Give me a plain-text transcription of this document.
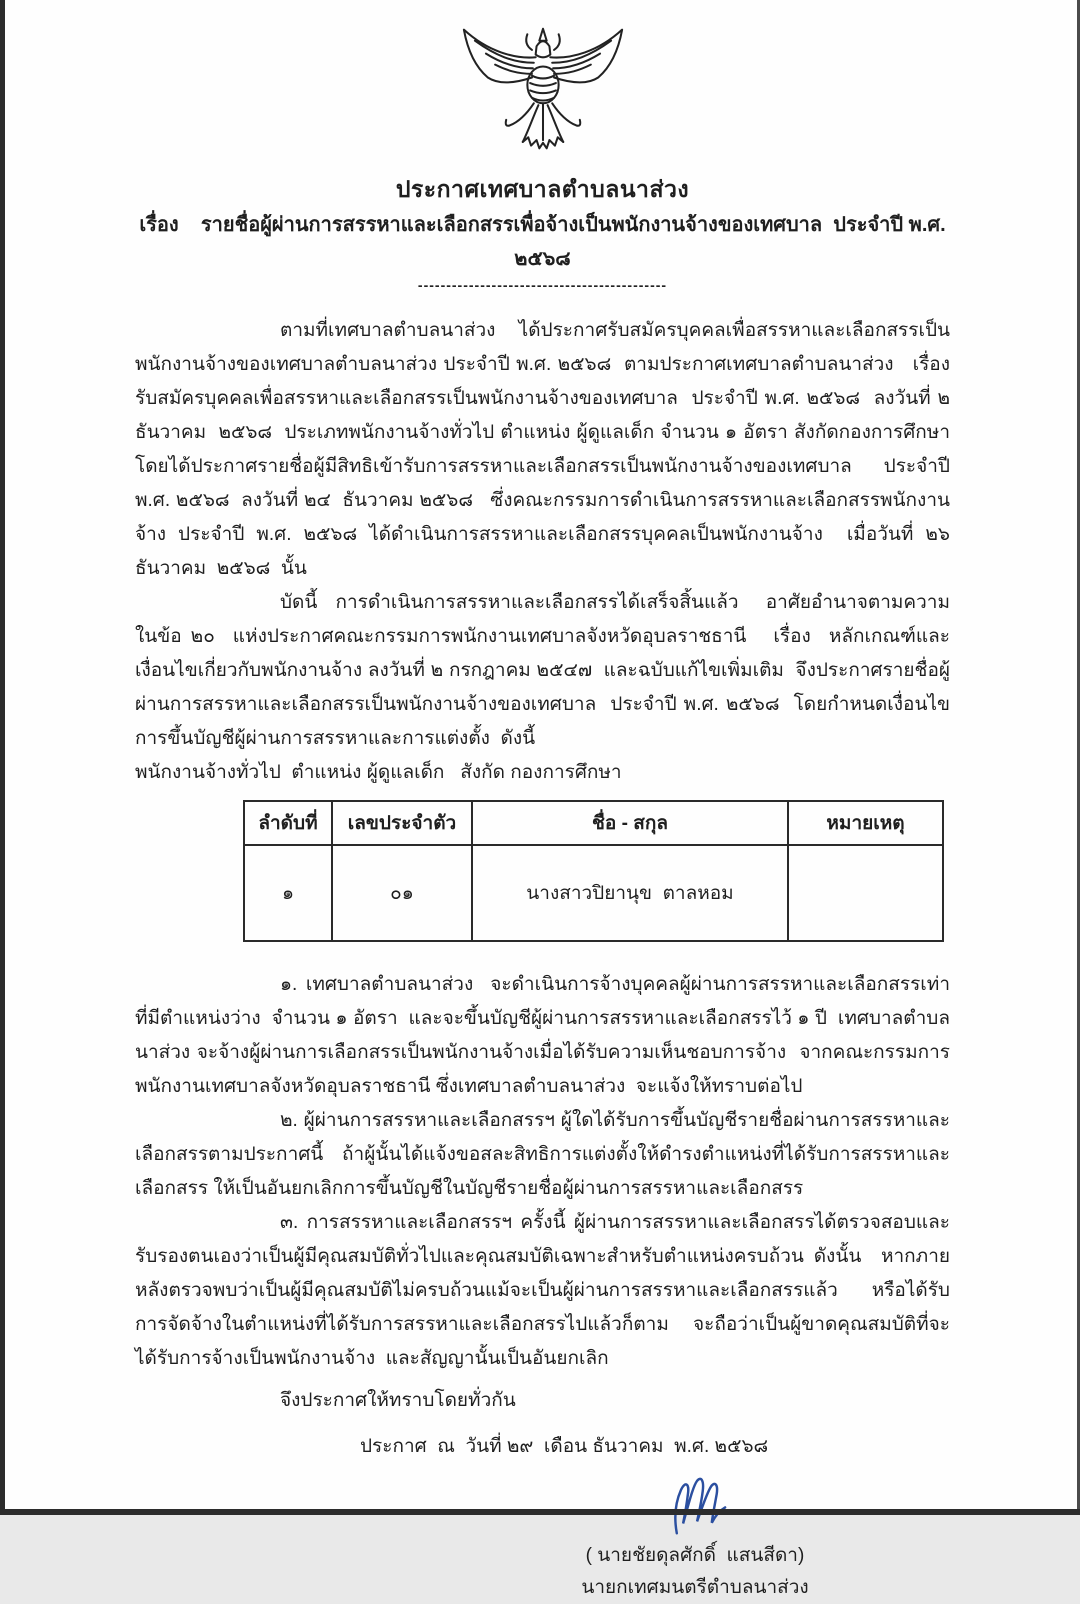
ประกาศเทศบาลตำบลนาส่วง
เรื่อง    รายชื่อผู้ผ่านการสรรหาและเลือกสรรเพื่อจ้างเป็นพนักงานจ้างของเทศบาล  ประจำปี พ.ศ. ๒๕๖๘
--------------------------------------------

ตามที่เทศบาลตำบลนาส่วง  ได้ประกาศรับสมัครบุคคลเพื่อสรรหาและเลือกสรรเป็นพนักงานจ้างของเทศบาลตำบลนาส่วง ประจำปี พ.ศ. ๒๕๖๘  ตามประกาศเทศบาลตำบลนาส่วง   เรื่อง   รับสมัครบุคคลเพื่อสรรหาและเลือกสรรเป็นพนักงานจ้างของเทศบาล  ประจำปี พ.ศ. ๒๕๖๘  ลงวันที่ ๒  ธันวาคม  ๒๕๖๘  ประเภทพนักงานจ้างทั่วไป ตำแหน่ง ผู้ดูแลเด็ก จำนวน ๑ อัตรา สังกัดกองการศึกษา  โดยได้ประกาศรายชื่อผู้มีสิทธิเข้ารับการสรรหาและเลือกสรรเป็นพนักงานจ้างของเทศบาล  ประจำปี พ.ศ. ๒๕๖๘  ลงวันที่ ๒๔  ธันวาคม ๒๕๖๘   ซึ่งคณะกรรมการดำเนินการสรรหาและเลือกสรรพนักงานจ้าง ประจำปี พ.ศ. ๒๕๖๘ ได้ดำเนินการสรรหาและเลือกสรรบุคคลเป็นพนักงานจ้าง  เมื่อวันที่ ๒๖  ธันวาคม  ๒๕๖๘  นั้น

บัดนี้  การดำเนินการสรรหาและเลือกสรรได้เสร็จสิ้นแล้ว   อาศัยอำนาจตามความในข้อ ๒๐  แห่งประกาศคณะกรรมการพนักงานเทศบาลจังหวัดอุบลราชธานี   เรื่อง  หลักเกณฑ์และเงื่อนไขเกี่ยวกับพนักงานจ้าง ลงวันที่ ๒ กรกฎาคม ๒๕๔๗  และฉบับแก้ไขเพิ่มเติม  จึงประกาศรายชื่อผู้ผ่านการสรรหาและเลือกสรรเป็นพนักงานจ้างของเทศบาล  ประจำปี พ.ศ. ๒๕๖๘  โดยกำหนดเงื่อนไขการขึ้นบัญชีผู้ผ่านการสรรหาและการแต่งตั้ง  ดังนี้

พนักงานจ้างทั่วไป  ตำแหน่ง ผู้ดูแลเด็ก   สังกัด กองการศึกษา

ลำดับที่	เลขประจำตัว	ชื่อ - สกุล	หมายเหตุ
๑	๐๑	นางสาวปิยานุข  ตาลหอม	

๑. เทศบาลตำบลนาส่วง  จะดำเนินการจ้างบุคคลผู้ผ่านการสรรหาและเลือกสรรเท่าที่มีตำแหน่งว่าง  จำนวน ๑ อัตรา  และจะขึ้นบัญชีผู้ผ่านการสรรหาและเลือกสรรไว้ ๑ ปี  เทศบาลตำบลนาส่วง จะจ้างผู้ผ่านการเลือกสรรเป็นพนักงานจ้างเมื่อได้รับความเห็นชอบการจ้าง  จากคณะกรรมการพนักงานเทศบาลจังหวัดอุบลราชธานี ซึ่งเทศบาลตำบลนาส่วง  จะแจ้งให้ทราบต่อไป

๒. ผู้ผ่านการสรรหาและเลือกสรรฯ ผู้ใดได้รับการขึ้นบัญชีรายชื่อผ่านการสรรหาและเลือกสรรตามประกาศนี้   ถ้าผู้นั้นได้แจ้งขอสละสิทธิการแต่งตั้งให้ดำรงตำแหน่งที่ได้รับการสรรหาและเลือกสรร ให้เป็นอันยกเลิกการขึ้นบัญชีในบัญชีรายชื่อผู้ผ่านการสรรหาและเลือกสรร

๓. การสรรหาและเลือกสรรฯ ครั้งนี้ ผู้ผ่านการสรรหาและเลือกสรรได้ตรวจสอบและรับรองตนเองว่าเป็นผู้มีคุณสมบัติทั่วไปและคุณสมบัติเฉพาะสำหรับตำแหน่งครบถ้วน ดังนั้น  หากภายหลังตรวจพบว่าเป็นผู้มีคุณสมบัติไม่ครบถ้วนแม้จะเป็นผู้ผ่านการสรรหาและเลือกสรรแล้ว หรือได้รับการจัดจ้างในตำแหน่งที่ได้รับการสรรหาและเลือกสรรไปแล้วก็ตาม  จะถือว่าเป็นผู้ขาดคุณสมบัติที่จะได้รับการจ้างเป็นพนักงานจ้าง  และสัญญานั้นเป็นอันยกเลิก

จึงประกาศให้ทราบโดยทั่วกัน
ประกาศ  ณ  วันที่ ๒๙  เดือน ธันวาคม  พ.ศ. ๒๕๖๘
( นายชัยดุลศักดิ์  แสนสีดา)
นายกเทศมนตรีตำบลนาส่วง
